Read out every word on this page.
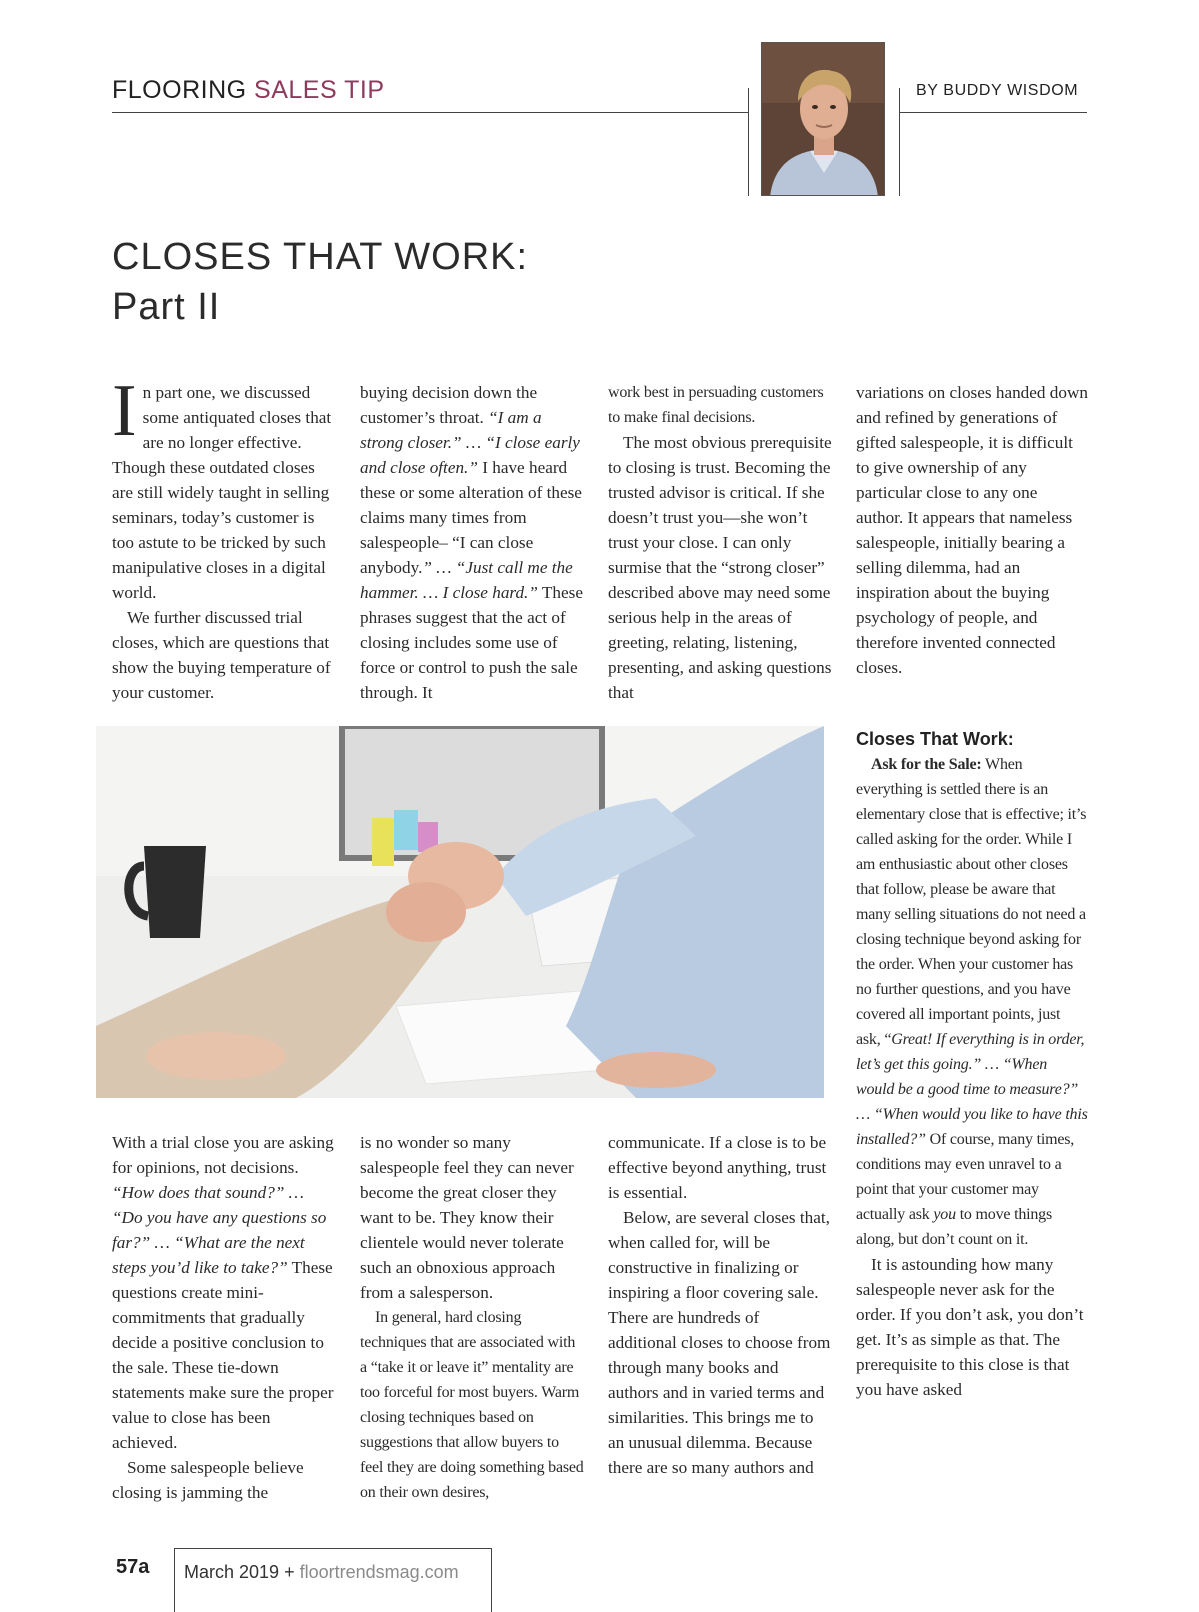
FLOORING SALES TIP	BY BUDDY WISDOM
CLOSES THAT WORK:
Part II

In part one, we discussed some antiquated closes that are no longer effective. Though these outdated closes are still widely taught in selling seminars, today’s customer is too astute to be tricked by such manipulative closes in a digital world.

We further discussed trial closes, which are questions that show the buying temperature of your customer.

buying decision down the customer’s throat. “I am a strong closer.” … “I close early and close often.” I have heard these or some alteration of these claims many times from salespeople– “I can close anybody.” … “Just call me the hammer. … I close hard.” These phrases suggest that the act of closing includes some use of force or control to push the sale through. It

work best in persuading customers to make final decisions.

The most obvious prerequisite to closing is trust. Becoming the trusted advisor is critical. If she doesn’t trust you—she won’t trust your close. I can only surmise that the “strong closer” described above may need some serious help in the areas of greeting, relating, listening, presenting, and asking questions that

variations on closes handed down and refined by generations of gifted salespeople, it is difficult to give ownership of any particular close to any one author. It appears that nameless salespeople, initially bearing a selling dilemma, had an inspiration about the buying psychology of people, and therefore invented connected closes.

With a trial close you are asking for opinions, not decisions. “How does that sound?” … “Do you have any questions so far?” … “What are the next steps you’d like to take?” These questions create mini-commitments that gradually decide a positive conclusion to the sale. These tie-down statements make sure the proper value to close has been achieved.

Some salespeople believe closing is jamming the

is no wonder so many salespeople feel they can never become the great closer they want to be. They know their clientele would never tolerate such an obnoxious approach from a salesperson.

In general, hard closing techniques that are associated with a “take it or leave it” mentality are too forceful for most buyers. Warm closing techniques based on suggestions that allow buyers to feel they are doing something based on their own desires,

communicate. If a close is to be effective beyond anything, trust is essential.

Below, are several closes that, when called for, will be constructive in finalizing or inspiring a floor covering sale. There are hundreds of additional closes to choose from through many books and authors and in varied terms and similarities. This brings me to an unusual dilemma. Because there are so many authors and

Closes That Work:

Ask for the Sale: When everything is settled there is an elementary close that is effective; it’s called asking for the order. While I am enthusiastic about other closes that follow, please be aware that many selling situations do not need a closing technique beyond asking for the order. When your customer has no further questions, and you have covered all important points, just ask, “Great! If everything is in order, let’s get this going.” … “When would be a good time to measure?” … “When would you like to have this installed?” Of course, many times, conditions may even unravel to a point that your customer may actually ask you to move things along, but don’t count on it.

It is astounding how many salespeople never ask for the order. If you don’t ask, you don’t get. It’s as simple as that. The prerequisite to this close is that you have asked

57a March 2019 + floortrendsmag.com
